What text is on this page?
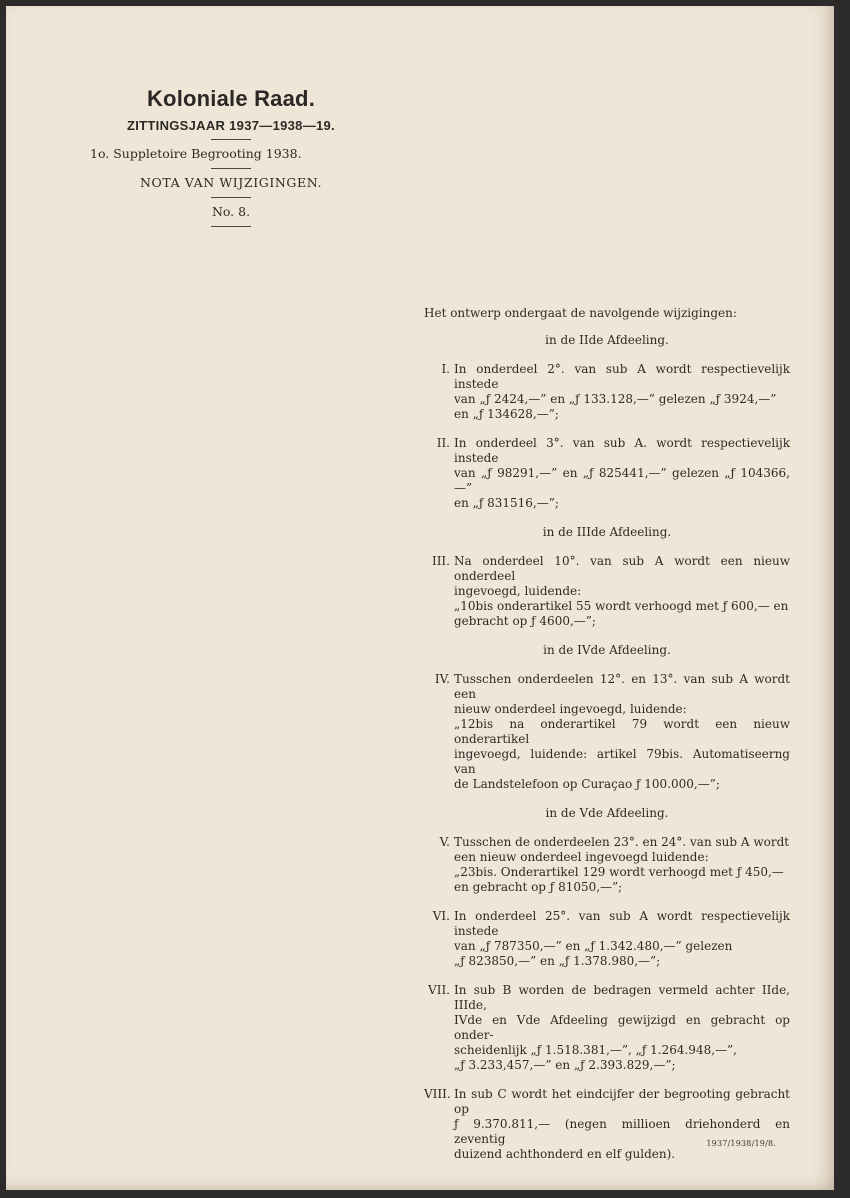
Koloniale Raad.
ZITTINGSJAAR 1937—1938—19.
1o. Suppletoire Begrooting 1938.
NOTA VAN WIJZIGINGEN.
No. 8.

Het ontwerp ondergaat de navolgende wijzigingen:

in de IIde Afdeeling.
I. In onderdeel 2°. van sub A wordt respectievelijk instede
van „ƒ 2424,—” en „ƒ 133.128,—” gelezen „ƒ 3924,—”
en „ƒ 134628,—”;
II. In onderdeel 3°. van sub A. wordt respectievelijk instede
van „ƒ 98291,—” en „ƒ 825441,—” gelezen „ƒ 104366,—”
en „ƒ 831516,—”;
in de IIIde Afdeeling.
III. Na onderdeel 10°. van sub A wordt een nieuw onderdeel
ingevoegd, luidende:
„10bis onderartikel 55 wordt verhoogd met ƒ 600,— en
gebracht op ƒ 4600,—”;
in de IVde Afdeeling.
IV. Tusschen onderdeelen 12°. en 13°. van sub A wordt een
nieuw onderdeel ingevoegd, luidende:
„12bis na onderartikel 79 wordt een nieuw onderartikel
ingevoegd, luidende: artikel 79bis. Automatiseerng van
de Landstelefoon op Curaçao ƒ 100.000,—”;
in de Vde Afdeeling.
V. Tusschen de onderdeelen 23°. en 24°. van sub A wordt
een nieuw onderdeel ingevoegd luidende:
„23bis. Onderartikel 129 wordt verhoogd met ƒ 450,—
en gebracht op ƒ 81050,—”;
VI. In onderdeel 25°. van sub A wordt respectievelijk instede
van „ƒ 787350,—” en „ƒ 1.342.480,—” gelezen
„ƒ 823850,—” en „ƒ 1.378.980,—”;
VII. In sub B worden de bedragen vermeld achter IIde, IIIde,
IVde en Vde Afdeeling gewijzigd en gebracht op onder-
scheidenlijk „ƒ 1.518.381,—”, „ƒ 1.264.948,—”,
„ƒ 3.233,457,—” en „ƒ 2.393.829,—”;
VIII. In sub C wordt het eindcijfer der begrooting gebracht op
ƒ 9.370.811,— (negen millioen driehonderd en zeventig
duizend achthonderd en elf gulden).
1937/1938/19/8.
